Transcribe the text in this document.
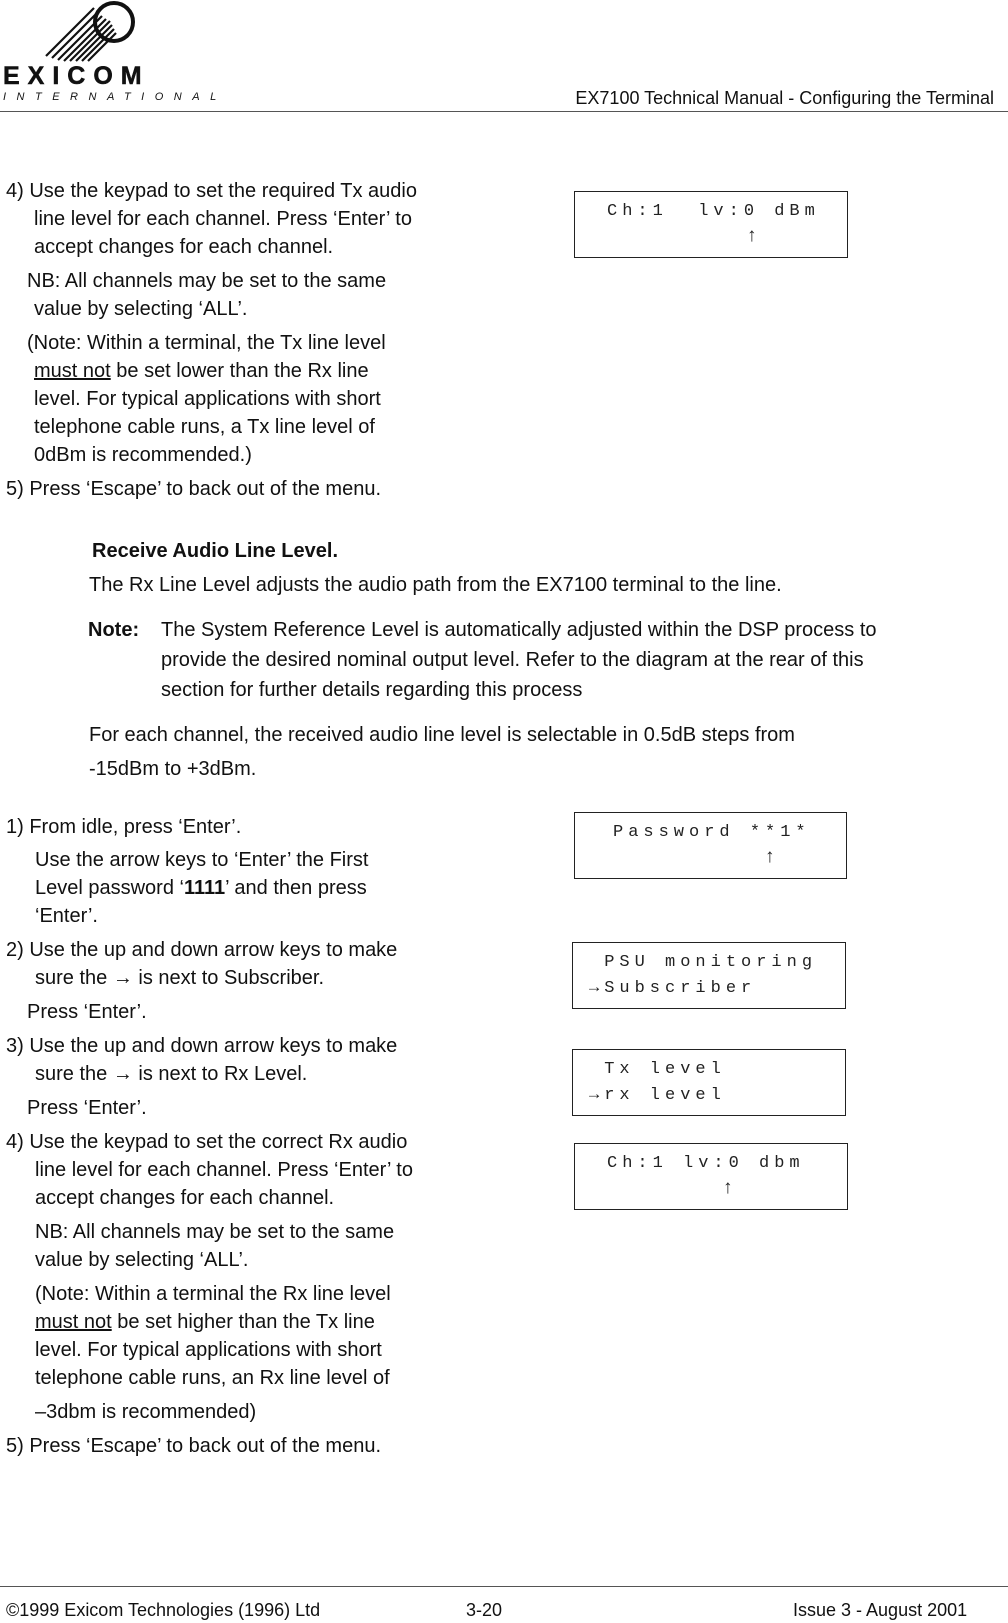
EXICOM
INTERNATIONAL	EX7100 Technical Manual - Configuring the Terminal
4) Use the keypad to set the required Tx audio
line level for each channel. Press ‘Enter’ to
accept changes for each channel.
NB: All channels may be set to the same
value by selecting ‘ALL’.
(Note: Within a terminal, the Tx line level
must not be set lower than the Rx line
level. For typical applications with short
telephone cable runs, a Tx line level of
0dBm is recommended.)
5) Press ‘Escape’ to back out of the menu.
Ch:1  lv:0 dBm
↑
Receive Audio Line Level.
The Rx Line Level adjusts the audio path from the EX7100 terminal to the line.
Note: The System Reference Level is automatically adjusted within the DSP process to
provide the desired nominal output level. Refer to the diagram at the rear of this
section for further details regarding this process
For each channel, the received audio line level is selectable in 0.5dB steps from
-15dBm to +3dBm.
1) From idle, press ‘Enter’.
Use the arrow keys to ‘Enter’ the First
Level password ‘1111’ and then press
‘Enter’.
2) Use the up and down arrow keys to make
sure the → is next to Subscriber.
Press ‘Enter’.
3) Use the up and down arrow keys to make
sure the → is next to Rx Level.
Press ‘Enter’.
4) Use the keypad to set the correct Rx audio
line level for each channel. Press ‘Enter’ to
accept changes for each channel.
NB: All channels may be set to the same
value by selecting ‘ALL’.
(Note: Within a terminal the Rx line level
must not be set higher than the Tx line
level. For typical applications with short
telephone cable runs, an Rx line level of
–3dbm is recommended)
5) Press ‘Escape’ to back out of the menu.
Password **1*
↑
PSU monitoring
→Subscriber
Tx level
→rx level
Ch:1 lv:0 dbm
↑
©1999 Exicom Technologies (1996) Ltd	3-20	Issue 3 - August 2001
